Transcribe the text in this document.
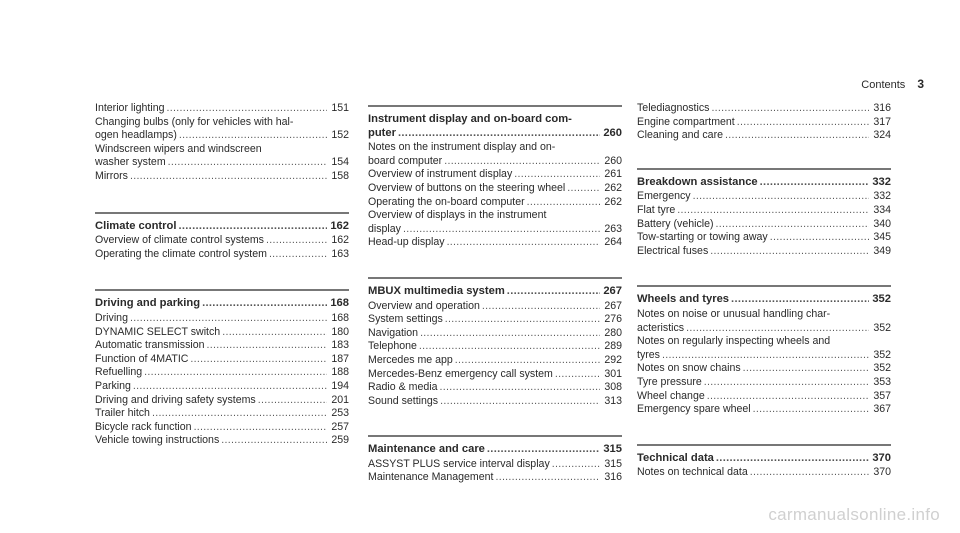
Contents 3
Interior lighting .....	151
Changing bulbs (only for vehicles with hal-
ogen headlamps) .....	152
Windscreen wipers and windscreen
washer system .....	154
Mirrors .....	158
Climate control .....	162
Overview of climate control systems .....	162
Operating the climate control system .....	163
Driving and parking .....	168
Driving .....	168
DYNAMIC SELECT switch .....	180
Automatic transmission .....	183
Function of 4MATIC .....	187
Refuelling .....	188
Parking .....	194
Driving and driving safety systems .....	201
Trailer hitch .....	253
Bicycle rack function .....	257
Vehicle towing instructions .....	259
Instrument display and on-board com-
puter .....	260
Notes on the instrument display and on-
board computer .....	260
Overview of instrument display .....	261
Overview of buttons on the steering wheel .....	262
Operating the on-board computer .....	262
Overview of displays in the instrument
display .....	263
Head-up display .....	264
MBUX multimedia system .....	267
Overview and operation .....	267
System settings .....	276
Navigation .....	280
Telephone .....	289
Mercedes me app .....	292
Mercedes-Benz emergency call system .....	301
Radio & media .....	308
Sound settings .....	313
Maintenance and care .....	315
ASSYST PLUS service interval display .....	315
Maintenance Management .....	316
Telediagnostics .....	316
Engine compartment .....	317
Cleaning and care .....	324
Breakdown assistance .....	332
Emergency .....	332
Flat tyre .....	334
Battery (vehicle) .....	340
Tow-starting or towing away .....	345
Electrical fuses .....	349
Wheels and tyres .....	352
Notes on noise or unusual handling char-
acteristics .....	352
Notes on regularly inspecting wheels and
tyres .....	352
Notes on snow chains .....	352
Tyre pressure .....	353
Wheel change .....	357
Emergency spare wheel .....	367
Technical data .....	370
Notes on technical data .....	370
carmanualsonline.info
